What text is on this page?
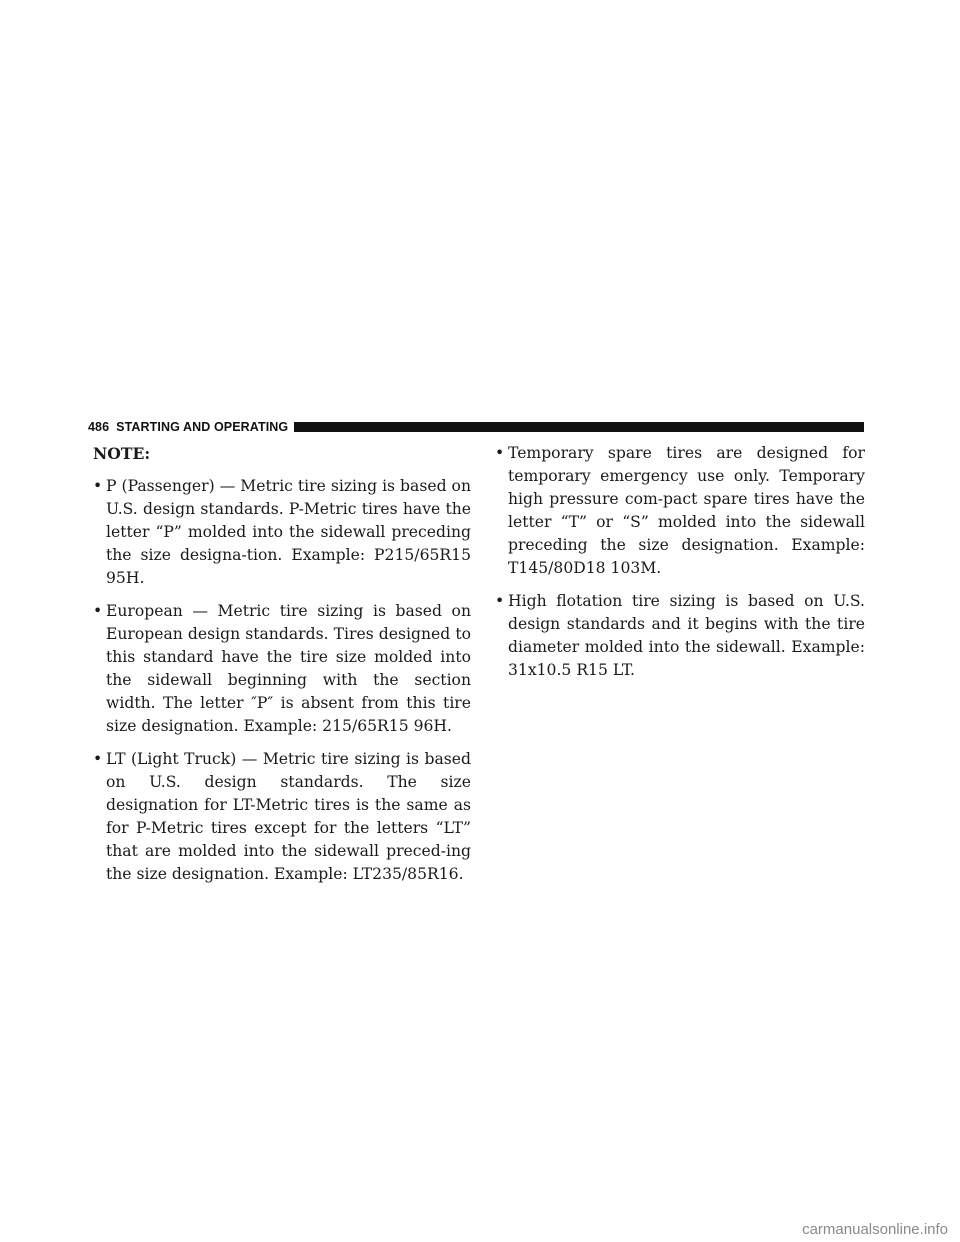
486 STARTING AND OPERATING
NOTE:
• P (Passenger) — Metric tire sizing is based on U.S. design standards. P-Metric tires have the letter “P” molded into the sidewall preceding the size designa-tion. Example: P215/65R15 95H.
• European — Metric tire sizing is based on European design standards. Tires designed to this standard have the tire size molded into the sidewall beginning with the section width. The letter ″P″ is absent from this tire size designation. Example: 215/65R15 96H.
• LT (Light Truck) — Metric tire sizing is based on U.S. design standards. The size designation for LT-Metric tires is the same as for P-Metric tires except for the letters “LT” that are molded into the sidewall preced-ing the size designation. Example: LT235/85R16.
• Temporary spare tires are designed for temporary emergency use only. Temporary high pressure com-pact spare tires have the letter “T” or “S” molded into the sidewall preceding the size designation. Example: T145/80D18 103M.
• High flotation tire sizing is based on U.S. design standards and it begins with the tire diameter molded into the sidewall. Example: 31x10.5 R15 LT.
carmanualsonline.info
